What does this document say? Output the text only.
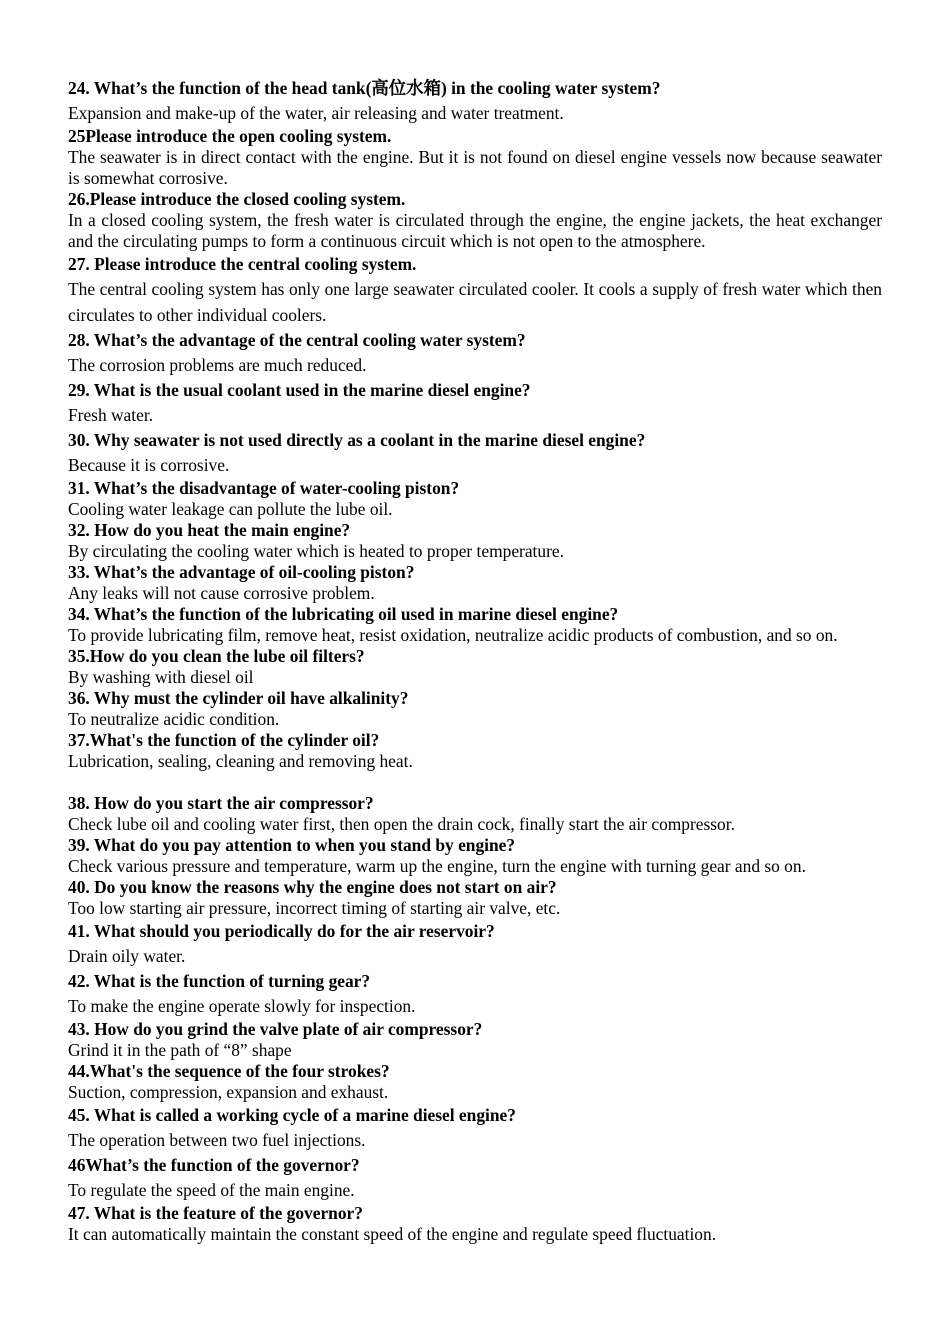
24. What’s the function of the head tank(高位水箱) in the cooling water system?

Expansion and make-up of the water, air releasing and water treatment.

25Please introduce the open cooling system.

The seawater is in direct contact with the engine. But it is not found on diesel engine vessels now because seawater is somewhat corrosive.

26.Please introduce the closed cooling system.

In a closed cooling system, the fresh water is circulated through the engine, the engine jackets, the heat exchanger and the circulating pumps to form a continuous circuit which is not open to the atmosphere.

27. Please introduce the central cooling system.

The central cooling system has only one large seawater circulated cooler. It cools a supply of fresh water which then circulates to other individual coolers.

28. What’s the advantage of the central cooling water system?

The corrosion problems are much reduced.

29. What is the usual coolant used in the marine diesel engine?

Fresh water.

30. Why seawater is not used directly as a coolant in the marine diesel engine?

Because it is corrosive.

31. What’s the disadvantage of water-cooling piston?

Cooling water leakage can pollute the lube oil.

32. How do you heat the main engine?

By circulating the cooling water which is heated to proper temperature.

33. What’s the advantage of oil-cooling piston?

Any leaks will not cause corrosive problem.

34. What’s the function of the lubricating oil used in marine diesel engine?

To provide lubricating film, remove heat, resist oxidation, neutralize acidic products of combustion, and so on.

35.How do you clean the lube oil filters?

By washing with diesel oil

36. Why must the cylinder oil have alkalinity?

To neutralize acidic condition.

37.What's the function of the cylinder oil?

Lubrication, sealing, cleaning and removing heat.

38. How do you start the air compressor?

Check lube oil and cooling water first, then open the drain cock, finally start the air compressor.

39. What do you pay attention to when you stand by engine?

Check various pressure and temperature, warm up the engine, turn the engine with turning gear and so on.

40. Do you know the reasons why the engine does not start on air?

Too low starting air pressure, incorrect timing of starting air valve, etc.

41. What should you periodically do for the air reservoir?

Drain oily water.

42. What is the function of turning gear?

To make the engine operate slowly for inspection.

43. How do you grind the valve plate of air compressor?

Grind it in the path of “8” shape

44.What's the sequence of the four strokes?

Suction, compression, expansion and exhaust.

45. What is called a working cycle of a marine diesel engine?

The operation between two fuel injections.

46What’s the function of the governor?

To regulate the speed of the main engine.

47. What is the feature of the governor?

It can automatically maintain the constant speed of the engine and regulate speed fluctuation.
